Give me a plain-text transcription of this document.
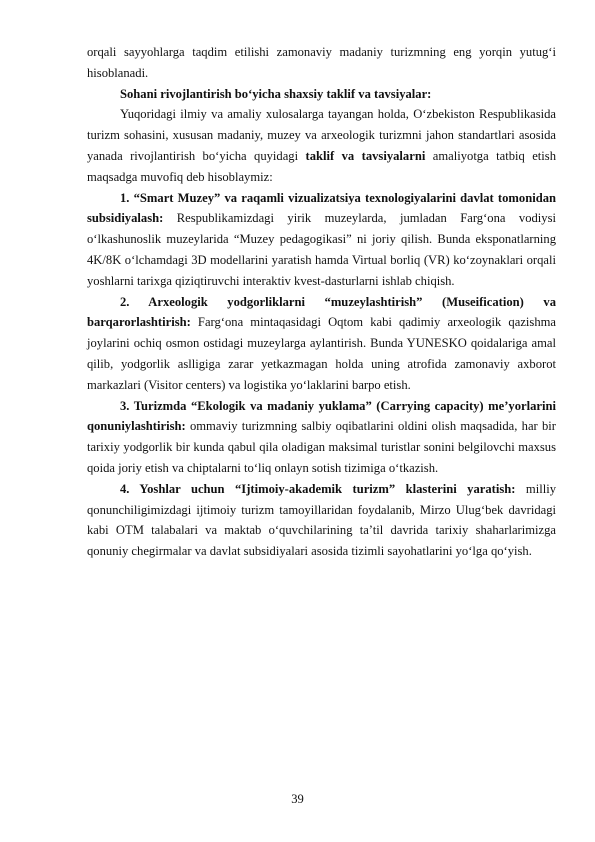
orqali sayyohlarga taqdim etilishi zamonaviy madaniy turizmning eng yorqin yutug‘i hisoblanadi.

Sohani rivojlantirish bo‘yicha shaxsiy taklif va tavsiyalar:

Yuqoridagi ilmiy va amaliy xulosalarga tayangan holda, O‘zbekiston Respublikasida turizm sohasini, xususan madaniy, muzey va arxeologik turizmni jahon standartlari asosida yanada rivojlantirish bo‘yicha quyidagi taklif va tavsiyalarni amaliyotga tatbiq etish maqsadga muvofiq deb hisoblaymiz:

1. “Smart Muzey” va raqamli vizualizatsiya texnologiyalarini davlat tomonidan subsidiyalash: Respublikamizdagi yirik muzeylarda, jumladan Farg‘ona vodiysi o‘lkashunoslik muzeylarida “Muzey pedagogikasi” ni joriy qilish. Bunda eksponatlarning 4K/8K o‘lchamdagi 3D modellarini yaratish hamda Virtual borliq (VR) ko‘zoynaklari orqali yoshlarni tarixga qiziqtiruvchi interaktiv kvest-dasturlarni ishlab chiqish.

2. Arxeologik yodgorliklarni “muzeylashtirish” (Museification) va barqarorlashtirish: Farg‘ona mintaqasidagi Oqtom kabi qadimiy arxeologik qazishma joylarini ochiq osmon ostidagi muzeylarga aylantirish. Bunda YUNESKO qoidalariga amal qilib, yodgorlik aslligiga zarar yetkazmagan holda uning atrofida zamonaviy axborot markazlari (Visitor centers) va logistika yo‘laklarini barpo etish.

3. Turizmda “Ekologik va madaniy yuklama” (Carrying capacity) me’yorlarini qonuniylashtirish: ommaviy turizmning salbiy oqibatlarini oldini olish maqsadida, har bir tarixiy yodgorlik bir kunda qabul qila oladigan maksimal turistlar sonini belgilovchi maxsus qoida joriy etish va chiptalarni to‘liq onlayn sotish tizimiga o‘tkazish.

4. Yoshlar uchun “Ijtimoiy-akademik turizm” klasterini yaratish: milliy qonunchiligimizdagi ijtimoiy turizm tamoyillaridan foydalanib, Mirzo Ulug‘bek davridagi kabi OTM talabalari va maktab o‘quvchilarining ta’til davrida tarixiy shaharlarimizga qonuniy chegirmalar va davlat subsidiyalari asosida tizimli sayohatlarini yo‘lga qo‘yish.

39
